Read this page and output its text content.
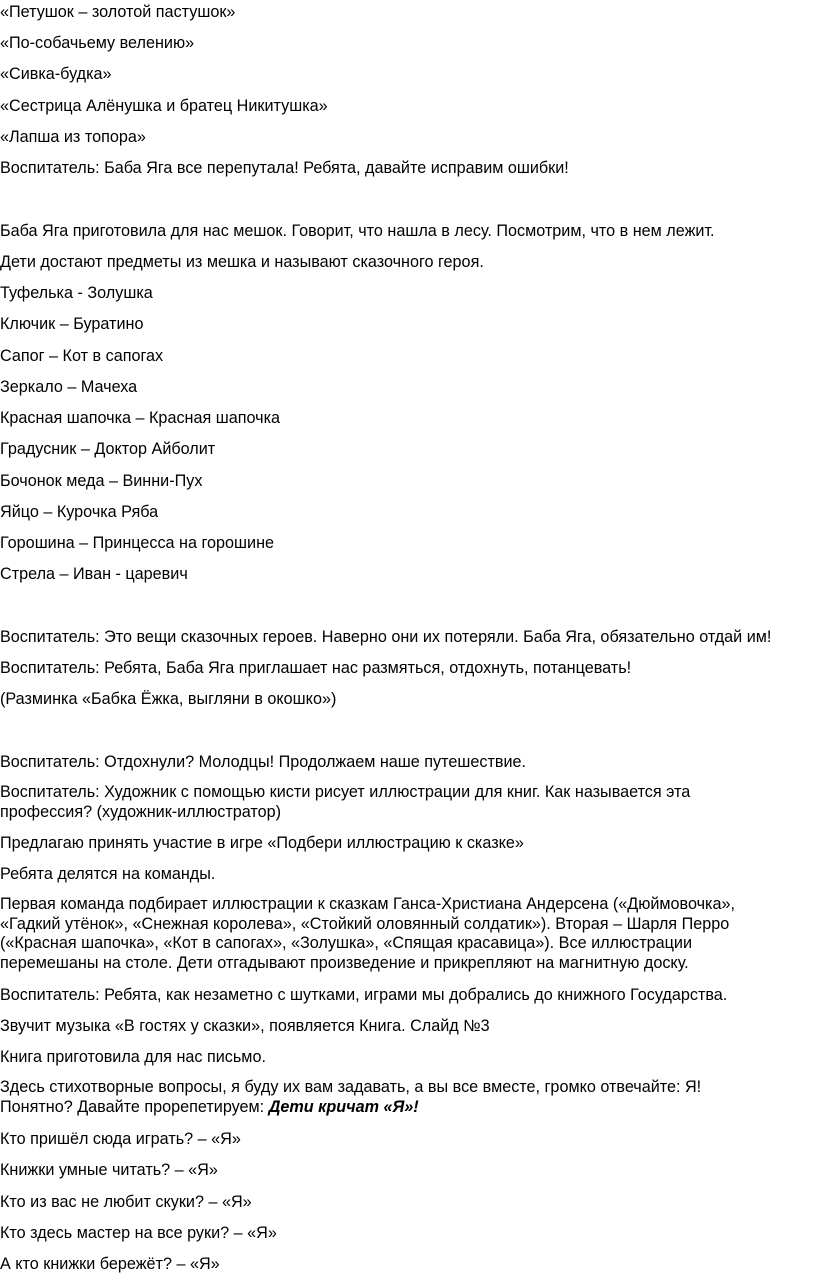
«Петушок – золотой пастушок»
«По-собачьему велению»
«Сивка-будка»
«Сестрица Алёнушка и братец Никитушка»
«Лапша из топора»
Воспитатель: Баба Яга все перепутала! Ребята, давайте исправим ошибки!
Баба Яга приготовила для нас мешок. Говорит, что нашла в лесу. Посмотрим, что в нем лежит.
Дети достают предметы из мешка и называют сказочного героя.
Туфелька - Золушка
Ключик – Буратино
Сапог – Кот в сапогах
Зеркало – Мачеха
Красная шапочка – Красная шапочка
Градусник – Доктор Айболит
Бочонок меда – Винни-Пух
Яйцо – Курочка Ряба
Горошина – Принцесса на горошине
Стрела – Иван - царевич
Воспитатель: Это вещи сказочных героев. Наверно они их потеряли. Баба Яга, обязательно отдай им!
Воспитатель: Ребята, Баба Яга приглашает нас размяться, отдохнуть, потанцевать!
(Разминка «Бабка Ёжка, выгляни в окошко»)
Воспитатель: Отдохнули? Молодцы! Продолжаем наше путешествие.
Воспитатель: Художник с помощью кисти рисует иллюстрации для книг. Как называется эта профессия? (художник-иллюстратор)
Предлагаю принять участие в игре «Подбери иллюстрацию к сказке»
Ребята делятся на команды.
Первая команда подбирает иллюстрации к сказкам Ганса-Христиана Андерсена («Дюймовочка», «Гадкий утёнок», «Снежная королева», «Стойкий оловянный солдатик»). Вторая – Шарля Перро («Красная шапочка», «Кот в сапогах», «Золушка», «Спящая красавица»). Все иллюстрации перемешаны на столе. Дети отгадывают произведение и прикрепляют на магнитную доску.
Воспитатель: Ребята, как незаметно с шутками, играми мы добрались до книжного Государства.
Звучит музыка «В гостях у сказки», появляется Книга. Слайд №3
Книга приготовила для нас письмо.
Здесь стихотворные вопросы, я буду их вам задавать, а вы все вместе, громко отвечайте: Я! Понятно? Давайте прорепетируем: Дети кричат «Я»!
Кто пришёл сюда играть? – «Я»
Книжки умные читать? – «Я»
Кто из вас не любит скуки? – «Я»
Кто здесь мастер на все руки? – «Я»
А кто книжки бережёт? – «Я»
